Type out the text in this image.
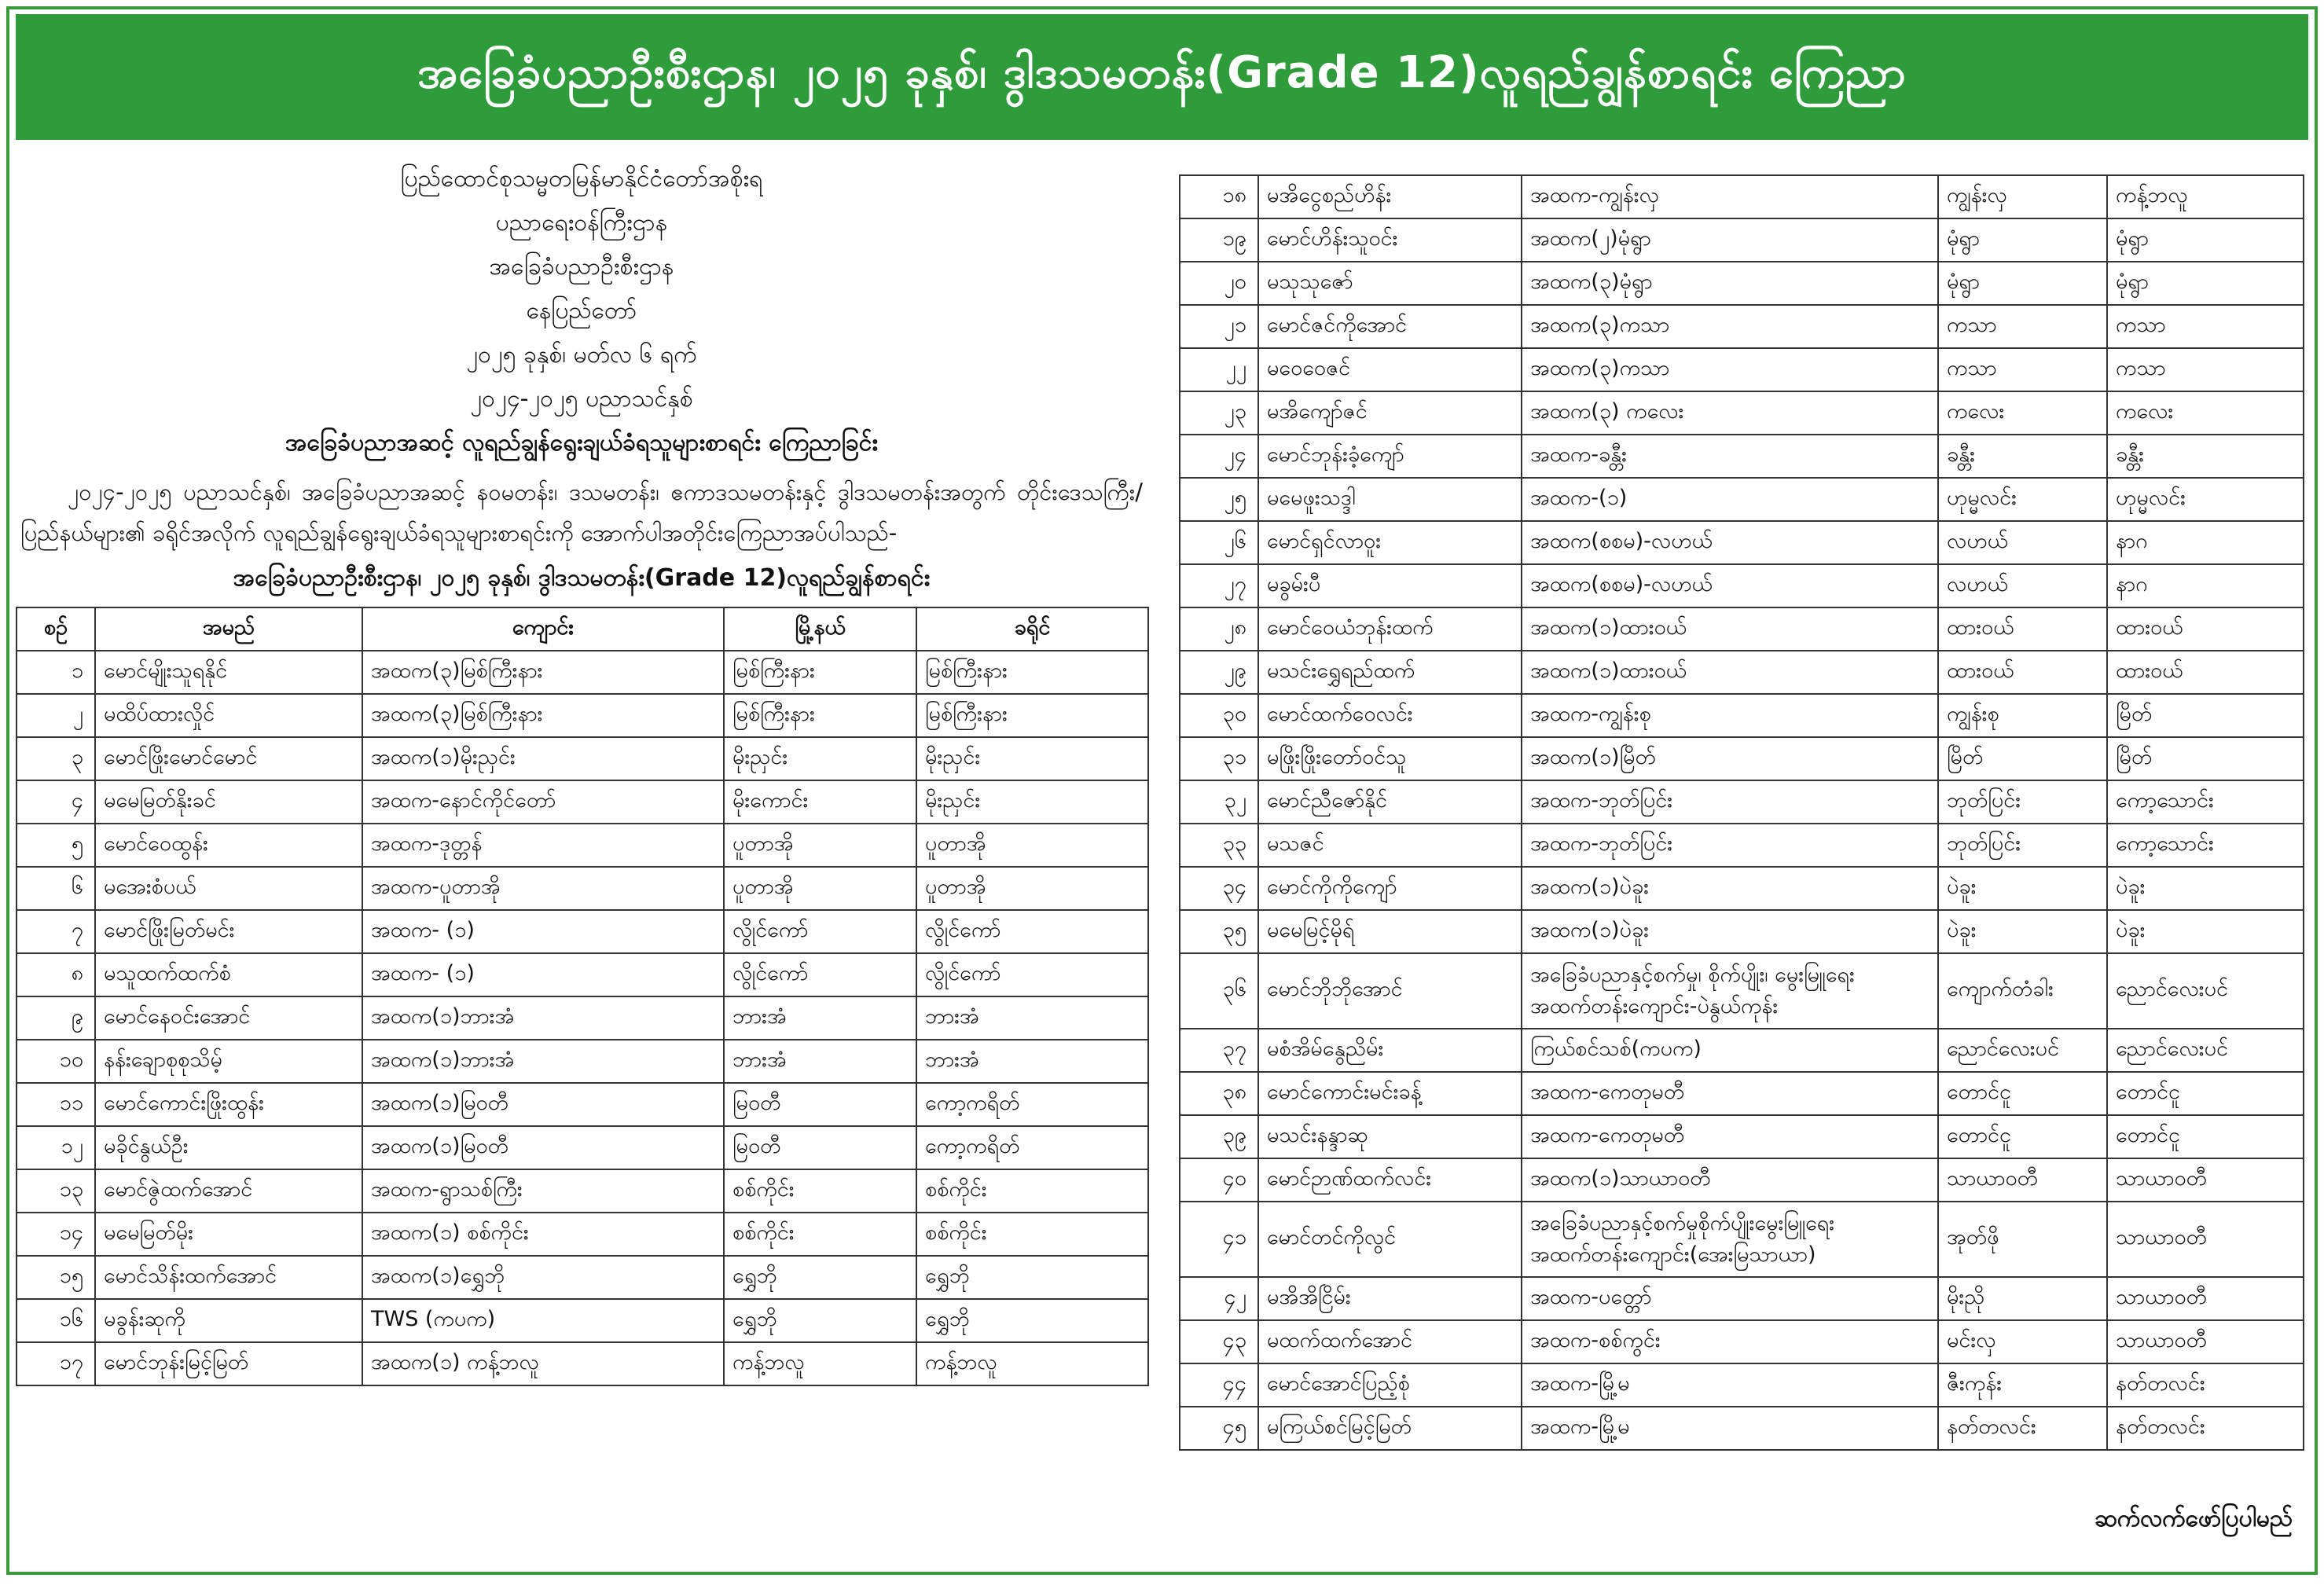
အခြေခံပညာဦးစီးဌာန၊ ၂၀၂၅ ခုနှစ်၊ ဒွါဒသမတန်း(Grade 12)လူရည်ချွန်စာရင်း ကြေညာ
ပြည်ထောင်စုသမ္မတမြန်မာနိုင်ငံတော်အစိုးရ
ပညာရေးဝန်ကြီးဌာန
အခြေခံပညာဦးစီးဌာန
နေပြည်တော်
၂၀၂၅ ခုနှစ်၊ မတ်လ ၆ ရက်
၂၀၂၄-၂၀၂၅ ပညာသင်နှစ်
အခြေခံပညာအဆင့် လူရည်ချွန်ရွေးချယ်ခံရသူများစာရင်း ကြေညာခြင်း

၂၀၂၄-၂၀၂၅ ပညာသင်နှစ်၊ အခြေခံပညာအဆင့် နဝမတန်း၊ ဒသမတန်း၊ ဧကာဒသမတန်းနှင့် ဒွါဒသမတန်းအတွက် တိုင်းဒေသကြီး/ပြည်နယ်များ၏ ခရိုင်အလိုက် လူရည်ချွန်ရွေးချယ်ခံရသူများစာရင်းကို အောက်ပါအတိုင်းကြေညာအပ်ပါသည်-

အခြေခံပညာဦးစီးဌာန၊ ၂၀၂၅ ခုနှစ်၊ ဒွါဒသမတန်း(Grade 12)လူရည်ချွန်စာရင်း
စဉ်	အမည်	ကျောင်း	မြို့နယ်	ခရိုင်
၁	မောင်မျိုးသူရနိုင်	အထက(၃)မြစ်ကြီးနား	မြစ်ကြီးနား	မြစ်ကြီးနား
၂	မထိပ်ထားလှိုင်	အထက(၃)မြစ်ကြီးနား	မြစ်ကြီးနား	မြစ်ကြီးနား
၃	မောင်ဖြိုးမောင်မောင်	အထက(၁)မိုးညှင်း	မိုးညှင်း	မိုးညှင်း
၄	မမေမြတ်နိုးခင်	အထက-နောင်ကိုင်တော်	မိုးကောင်း	မိုးညှင်း
၅	မောင်ဝေထွန်း	အထက-ဒုတ္တန်	ပူတာအို	ပူတာအို
၆	မအေးစံပယ်	အထက-ပူတာအို	ပူတာအို	ပူတာအို
၇	မောင်ဖြိုးမြတ်မင်း	အထက- (၁)	လွိုင်ကော်	လွိုင်ကော်
၈	မသူထက်ထက်စံ	အထက- (၁)	လွိုင်ကော်	လွိုင်ကော်
၉	မောင်နေဝင်းအောင်	အထက(၁)ဘားအံ	ဘားအံ	ဘားအံ
၁၀	နန်းချောစုစုသိမ့်	အထက(၁)ဘားအံ	ဘားအံ	ဘားအံ
၁၁	မောင်ကောင်းဖြိုးထွန်း	အထက(၁)မြဝတီ	မြဝတီ	ကော့ကရိတ်
၁၂	မခိုင်နွယ်ဦး	အထက(၁)မြဝတီ	မြဝတီ	ကော့ကရိတ်
၁၃	မောင်ဇွဲထက်အောင်	အထက-ရွာသစ်ကြီး	စစ်ကိုင်း	စစ်ကိုင်း
၁၄	မမေမြတ်မိုး	အထက(၁) စစ်ကိုင်း	စစ်ကိုင်း	စစ်ကိုင်း
၁၅	မောင်သိန်းထက်အောင်	အထက(၁)ရွှေဘို	ရွှေဘို	ရွှေဘို
၁၆	မခွန်းဆုကို	TWS (ကပက)	ရွှေဘို	ရွှေဘို
၁၇	မောင်ဘုန်းမြင့်မြတ်	အထက(၁) ကန့်ဘလူ	ကန့်ဘလူ	ကန့်ဘလူ
၁၈	မအိငွေစည်ဟိန်း	အထက-ကျွန်းလှ	ကျွန်းလှ	ကန့်ဘလူ
၁၉	မောင်ဟိန်းသူဝင်း	အထက(၂)မုံရွာ	မုံရွာ	မုံရွာ
၂၀	မသုသုဇော်	အထက(၃)မုံရွာ	မုံရွာ	မုံရွာ
၂၁	မောင်ဇင်ကိုအောင်	အထက(၃)ကသာ	ကသာ	ကသာ
၂၂	မဝေဝေဇင်	အထက(၃)ကသာ	ကသာ	ကသာ
၂၃	မအိကျော်ဇင်	အထက(၃) ကလေး	ကလေး	ကလေး
၂၄	မောင်ဘုန်းခံ့ကျော်	အထက-ခန္တီး	ခန္တီး	ခန္တီး
၂၅	မမေဖူးသဒ္ဒါ	အထက-(၁)	ဟုမ္မလင်း	ဟုမ္မလင်း
၂၆	မောင်ရှင်လာဝူး	အထက(စစမ)-လဟယ်	လဟယ်	နာဂ
၂၇	မခွမ်းပီ	အထက(စစမ)-လဟယ်	လဟယ်	နာဂ
၂၈	မောင်ဝေယံဘုန်းထက်	အထက(၁)ထားဝယ်	ထားဝယ်	ထားဝယ်
၂၉	မသင်းရွှေရည်ထက်	အထက(၁)ထားဝယ်	ထားဝယ်	ထားဝယ်
၃၀	မောင်ထက်ဝေလင်း	အထက-ကျွန်းစု	ကျွန်းစု	မြိတ်
၃၁	မဖြိုးဖြိုးတော်ဝင်သူ	အထက(၁)မြိတ်	မြိတ်	မြိတ်
၃၂	မောင်ညီဇော်နိုင်	အထက-ဘုတ်ပြင်း	ဘုတ်ပြင်း	ကော့သောင်း
၃၃	မသဇင်	အထက-ဘုတ်ပြင်း	ဘုတ်ပြင်း	ကော့သောင်း
၃၄	မောင်ကိုကိုကျော်	အထက(၁)ပဲခူး	ပဲခူး	ပဲခူး
၃၅	မမေမြင့်မိုရ်	အထက(၁)ပဲခူး	ပဲခူး	ပဲခူး
၃၆	မောင်ဘိုဘိုအောင်	အခြေခံပညာနှင့်စက်မှု၊ စိုက်ပျိုး၊ မွေးမြူရေးအထက်တန်းကျောင်း-ပဲနွယ်ကုန်း	ကျောက်တံခါး	ညောင်လေးပင်
၃၇	မစံအိမ်နွေညိမ်း	ကြယ်စင်သစ်(ကပက)	ညောင်လေးပင်	ညောင်လေးပင်
၃၈	မောင်ကောင်းမင်းခန့်	အထက-ကေတုမတီ	တောင်ငူ	တောင်ငူ
၃၉	မသင်းနန္ဒာဆု	အထက-ကေတုမတီ	တောင်ငူ	တောင်ငူ
၄၀	မောင်ဉာဏ်ထက်လင်း	အထက(၁)သာယာဝတီ	သာယာဝတီ	သာယာဝတီ
၄၁	မောင်တင်ကိုလွင်	အခြေခံပညာနှင့်စက်မှုစိုက်ပျိုးမွေးမြူရေးအထက်တန်းကျောင်း(အေးမြသာယာ)	အုတ်ဖို	သာယာဝတီ
၄၂	မအိအိငြိမ်း	အထက-ပတ္တော်	မိုးညို	သာယာဝတီ
၄၃	မထက်ထက်အောင်	အထက-စစ်ကွင်း	မင်းလှ	သာယာဝတီ
၄၄	မောင်အောင်ပြည့်စုံ	အထက-မြို့မ	ဇီးကုန်း	နတ်တလင်း
၄၅	မကြယ်စင်မြင့်မြတ်	အထက-မြို့မ	နတ်တလင်း	နတ်တလင်း
ဆက်လက်ဖော်ပြပါမည်
